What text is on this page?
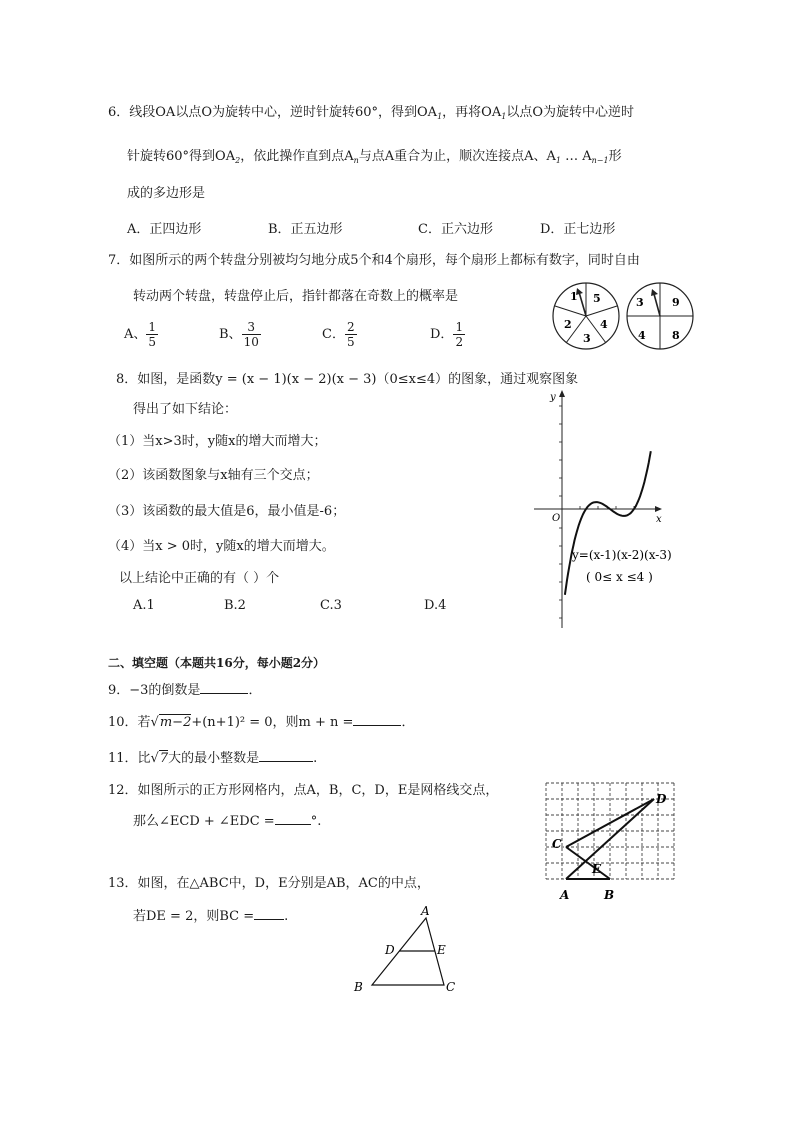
6．线段OA以点O为旋转中心，逆时针旋转60°，得到$OA_1$，再将$OA_1$以点O为旋转中心逆时
针旋转60°得到$OA_2$，依此操作直到点$A_n$与点A重合为止，顺次连接点A、$A_1$ … $A_{n-1}$形
成的多边形是
A．正四边形	B．正五边形	C．正六边形	D．正七边形
7．如图所示的两个转盘分别被均匀地分成5个和4个扇形，每个扇形上都标有数字，同时自由
转动两个转盘，转盘停止后，指针都落在奇数上的概率是
A、 $\frac{1}{5}$	B、 $\frac{3}{10}$	C． $\frac{2}{5}$	D． $\frac{1}{2}$
1 5
4
3
2
3	9
8
4
8．如图，是函数y = (x − 1)(x − 2)(x − 3)（0≤x≤4）的图象，通过观察图象
得出了如下结论：
（1）当x>3时，y随x的增大而增大；
（2）该函数图象与x轴有三个交点；
（3）该函数的最大值是6，最小值是-6；
（4）当x > 0时，y随x的增大而增大。
以上结论中正确的有（ ）个
A.1	B.2	C.3	D.4
y
x
O
y=(x-1)(x-2)(x-3)
( 0≤ x ≤4 )
二、填空题（本题共16分，每小题2分）
9．−3的倒数是	．
10．若√m−2+(n+1)² = 0，则m + n =	．
11．比√7大的最小整数是	.
12．如图所示的正方形网格内，点A，B，C，D，E是网格线交点，
那么∠ECD + ∠EDC =	°.
A	B
C
D
E
13．如图，在△ABC中，D，E分别是AB，AC的中点，
若DE = 2，则BC = .	A
B	C
D	E
